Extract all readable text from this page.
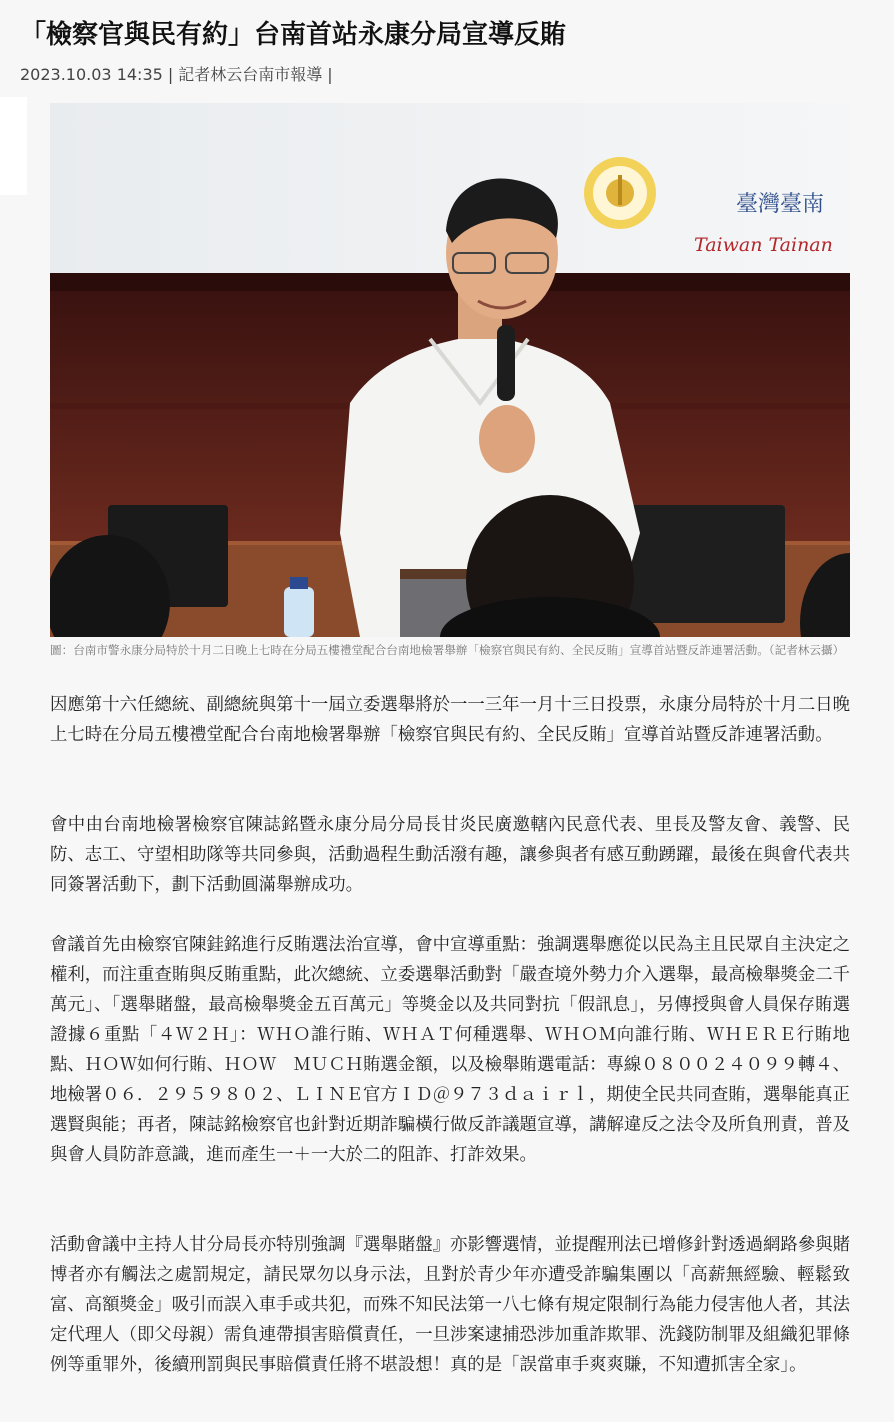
「檢察官與民有約」台南首站永康分局宣導反賄
2023.10.03 14:35 | 記者林云台南市報導 |
臺灣臺南
Taiwan Tainan

圖：台南市警永康分局特於十月二日晚上七時在分局五樓禮堂配合台南地檢署舉辦「檢察官與民有約、全民反賄」宣導首站暨反詐連署活動。（記者林云攝）

因應第十六任總統、副總統與第十一屆立委選舉將於一一三年一月十三日投票，永康分局特於十月二日晚上七時在分局五樓禮堂配合台南地檢署舉辦「檢察官與民有約、全民反賄」宣導首站暨反詐連署活動。

會中由台南地檢署檢察官陳誌銘暨永康分局分局長甘炎民廣邀轄內民意代表、里長及警友會、義警、民防、志工、守望相助隊等共同參與，活動過程生動活潑有趣，讓參與者有感互動踴躍，最後在與會代表共同簽署活動下，劃下活動圓滿舉辦成功。

會議首先由檢察官陳銈銘進行反賄選法治宣導，會中宣導重點：強調選舉應從以民為主且民眾自主決定之權利，而注重查賄與反賄重點，此次總統、立委選舉活動對「嚴查境外勢力介入選舉，最高檢舉獎金二千萬元」、「選舉賭盤，最高檢舉獎金五百萬元」等獎金以及共同對抗「假訊息」，另傳授與會人員保存賄選證據６重點「４Ｗ２Ｈ」：ＷＨＯ誰行賄、ＷＨＡＴ何種選舉、ＷＨＯＭ向誰行賄、ＷＨＥＲＥ行賄地點、ＨＯＷ如何行賄、ＨＯＷ　ＭＵＣＨ賄選金額，以及檢舉賄選電話：專線０８００２４０９９轉４、地檢署０６．２９５９８０２、ＬＩＮＥ官方ＩＤ＠９７３ｄａｉｒｌ，期使全民共同查賄，選舉能真正選賢與能；再者，陳誌銘檢察官也針對近期詐騙橫行做反詐議題宣導，講解違反之法令及所負刑責，普及與會人員防詐意識，進而產生一＋一大於二的阻詐、打詐效果。

活動會議中主持人甘分局長亦特別強調『選舉賭盤』亦影響選情，並提醒刑法已增修針對透過網路參與賭博者亦有觸法之處罰規定，請民眾勿以身示法，且對於青少年亦遭受詐騙集團以「高薪無經驗、輕鬆致富、高額獎金」吸引而誤入車手或共犯，而殊不知民法第一八七條有規定限制行為能力侵害他人者，其法定代理人（即父母親）需負連帶損害賠償責任，一旦涉案逮捕恐涉加重詐欺罪、洗錢防制罪及組織犯罪條例等重罪外，後續刑罰與民事賠償責任將不堪設想！真的是「誤當車手爽爽賺，不知遭抓害全家」。
